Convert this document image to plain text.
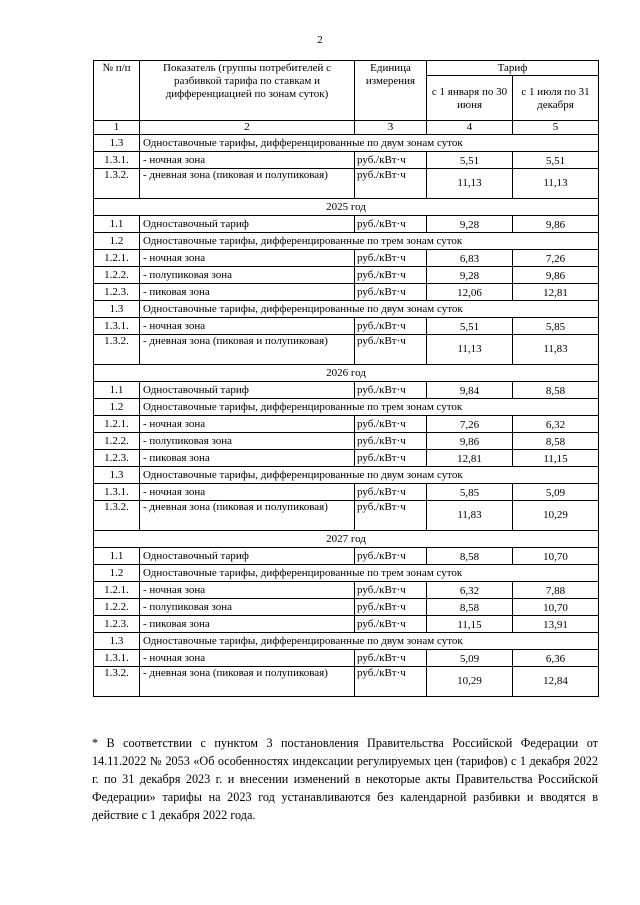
2
№ п/п	Показатель (группы потребителей с разбивкой тарифа по ставкам и дифференциацией по зонам суток)	Единица измерения	Тариф	
			с 1 января по 30 июня	с 1 июля по 31 декабря
1	2	3	4	5
1.3	Одноставочные тарифы, дифференцированные по двум зонам суток			
1.3.1.	- ночная зона	руб./кВт·ч	5,51	5,51
1.3.2.	- дневная зона (пиковая и полупиковая)	руб./кВт·ч	11,13	11,13
2025 год				
1.1	Одноставочный тариф	руб./кВт·ч	9,28	9,86
1.2	Одноставочные тарифы, дифференцированные по трем зонам суток			
1.2.1.	- ночная зона	руб./кВт·ч	6,83	7,26
1.2.2.	- полупиковая зона	руб./кВт·ч	9,28	9,86
1.2.3.	- пиковая зона	руб./кВт·ч	12,06	12,81
1.3	Одноставочные тарифы, дифференцированные по двум зонам суток			
1.3.1.	- ночная зона	руб./кВт·ч	5,51	5,85
1.3.2.	- дневная зона (пиковая и полупиковая)	руб./кВт·ч	11,13	11,83
2026 год				
1.1	Одноставочный тариф	руб./кВт·ч	9,84	8,58
1.2	Одноставочные тарифы, дифференцированные по трем зонам суток			
1.2.1.	- ночная зона	руб./кВт·ч	7,26	6,32
1.2.2.	- полупиковая зона	руб./кВт·ч	9,86	8,58
1.2.3.	- пиковая зона	руб./кВт·ч	12,81	11,15
1.3	Одноставочные тарифы, дифференцированные по двум зонам суток			
1.3.1.	- ночная зона	руб./кВт·ч	5,85	5,09
1.3.2.	- дневная зона (пиковая и полупиковая)	руб./кВт·ч	11,83	10,29
2027 год				
1.1	Одноставочный тариф	руб./кВт·ч	8,58	10,70
1.2	Одноставочные тарифы, дифференцированные по трем зонам суток			
1.2.1.	- ночная зона	руб./кВт·ч	6,32	7,88
1.2.2.	- полупиковая зона	руб./кВт·ч	8,58	10,70
1.2.3.	- пиковая зона	руб./кВт·ч	11,15	13,91
1.3	Одноставочные тарифы, дифференцированные по двум зонам суток			
1.3.1.	- ночная зона	руб./кВт·ч	5,09	6,36
1.3.2.	- дневная зона (пиковая и полупиковая)	руб./кВт·ч	10,29	12,84
* В соответствии с пунктом 3 постановления Правительства Российской Федерации от 14.11.2022 № 2053 «Об особенностях индексации регулируемых цен (тарифов) с 1 декабря 2022 г. по 31 декабря 2023 г. и внесении изменений в некоторые акты Правительства Российской Федерации» тарифы на 2023 год устанавливаются без календарной разбивки и вводятся в действие с 1 декабря 2022 года.
